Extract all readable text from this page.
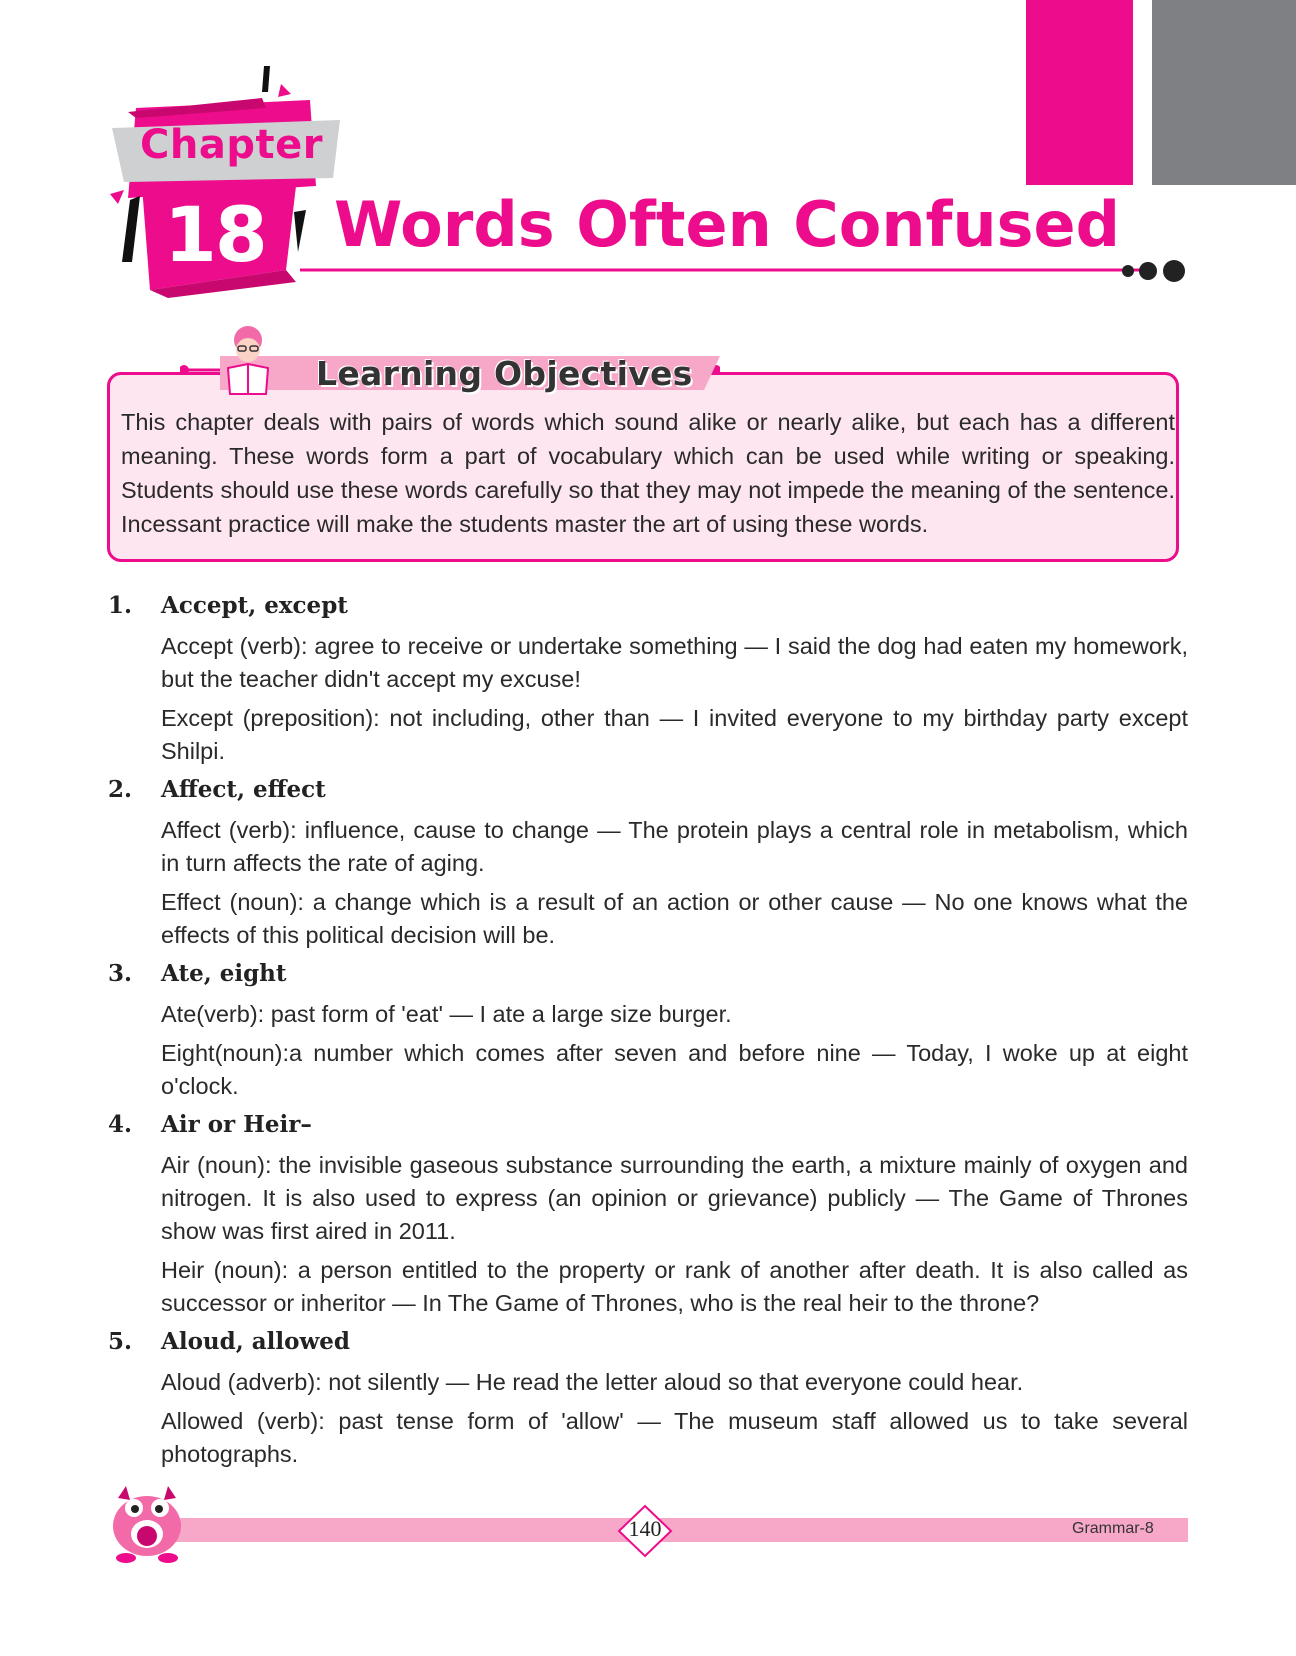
Chapter
18 Words Often Confused
Learning Objectives
This chapter deals with pairs of words which sound alike or nearly alike, but each has a different meaning. These words form a part of vocabulary which can be used while writing or speaking. Students should use these words carefully so that they may not impede the meaning of the sentence. Incessant practice will make the students master the art of using these words.
1. Accept, except
Accept (verb): agree to receive or undertake something — I said the dog had eaten my homework, but the teacher didn't accept my excuse!
Except (preposition): not including, other than — I invited everyone to my birthday party except Shilpi.
2. Affect, effect
Affect (verb): influence, cause to change — The protein plays a central role in metabolism, which in turn affects the rate of aging.
Effect (noun): a change which is a result of an action or other cause — No one knows what the effects of this political decision will be.
3. Ate, eight
Ate(verb): past form of 'eat' — I ate a large size burger.
Eight(noun):a number which comes after seven and before nine — Today, I woke up at eight o'clock.
4. Air or Heir–
Air (noun): the invisible gaseous substance surrounding the earth, a mixture mainly of oxygen and nitrogen. It is also used to express (an opinion or grievance) publicly — The Game of Thrones show was first aired in 2011.
Heir (noun): a person entitled to the property or rank of another after death. It is also called as successor or inheritor — In The Game of Thrones, who is the real heir to the throne?
5. Aloud, allowed
Aloud (adverb): not silently — He read the letter aloud so that everyone could hear.
Allowed (verb): past tense form of 'allow' — The museum staff allowed us to take several photographs.
140	Grammar-8
